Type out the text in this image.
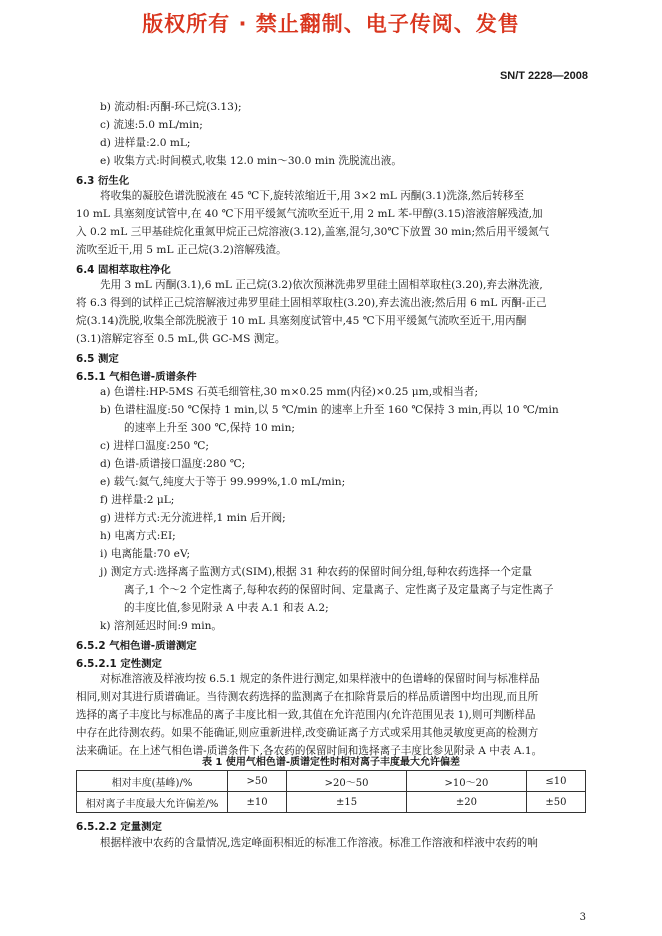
版权所有 · 禁止翻制、电子传阅、发售
SN/T 2228—2008
b) 流动相:丙酮-环己烷(3.13);
c) 流速:5.0 mL/min;
d) 进样量:2.0 mL;
e) 收集方式:时间模式,收集 12.0 min～30.0 min 洗脱流出液。
6.3 衍生化
将收集的凝胶色谱洗脱液在 45 ℃下,旋转浓缩近干,用 3×2 mL 丙酮(3.1)洗涤,然后转移至
10 mL 具塞刻度试管中,在 40 ℃下用平缓氮气流吹至近干,用 2 mL 苯-甲醇(3.15)溶液溶解残渣,加
入 0.2 mL 三甲基硅烷化重氮甲烷正己烷溶液(3.12),盖塞,混匀,30℃下放置 30 min;然后用平缓氮气
流吹至近干,用 5 mL 正己烷(3.2)溶解残渣。
6.4 固相萃取柱净化
先用 3 mL 丙酮(3.1),6 mL 正己烷(3.2)依次预淋洗弗罗里硅土固相萃取柱(3.20),弃去淋洗液,
将 6.3 得到的试样正己烷溶解液过弗罗里硅土固相萃取柱(3.20),弃去流出液;然后用 6 mL 丙酮-正己
烷(3.14)洗脱,收集全部洗脱液于 10 mL 具塞刻度试管中,45 ℃下用平缓氮气流吹至近干,用丙酮
(3.1)溶解定容至 0.5 mL,供 GC-MS 测定。
6.5 测定
6.5.1 气相色谱-质谱条件
a) 色谱柱:HP-5MS 石英毛细管柱,30 m×0.25 mm(内径)×0.25 μm,或相当者;
b) 色谱柱温度:50 ℃保持 1 min,以 5 ℃/min 的速率上升至 160 ℃保持 3 min,再以 10 ℃/min
的速率上升至 300 ℃,保持 10 min;
c) 进样口温度:250 ℃;
d) 色谱-质谱接口温度:280 ℃;
e) 载气:氦气,纯度大于等于 99.999%,1.0 mL/min;
f) 进样量:2 μL;
g) 进样方式:无分流进样,1 min 后开阀;
h) 电离方式:EI;
i) 电离能量:70 eV;
j) 测定方式:选择离子监测方式(SIM),根据 31 种农药的保留时间分组,每种农药选择一个定量
离子,1 个～2 个定性离子,每种农药的保留时间、定量离子、定性离子及定量离子与定性离子
的丰度比值,参见附录 A 中表 A.1 和表 A.2;
k) 溶剂延迟时间:9 min。
6.5.2 气相色谱-质谱测定
6.5.2.1 定性测定
对标准溶液及样液均按 6.5.1 规定的条件进行测定,如果样液中的色谱峰的保留时间与标准样品
相同,则对其进行质谱确证。当待测农药选择的监测离子在扣除背景后的样品质谱图中均出现,而且所
选择的离子丰度比与标准品的离子丰度比相一致,其值在允许范围内(允许范围见表 1),则可判断样品
中存在此待测农药。如果不能确证,则应重新进样,改变确证离子方式或采用其他灵敏度更高的检测方
法来确证。在上述气相色谱-质谱条件下,各农药的保留时间和选择离子丰度比参见附录 A 中表 A.1。
表 1 使用气相色谱-质谱定性时相对离子丰度最大允许偏差
相对丰度(基峰)/%	>50	>20～50	>10～20	≤10
相对离子丰度最大允许偏差/%	±10	±15	±20	±50
6.5.2.2 定量测定
根据样液中农药的含量情况,选定峰面积相近的标准工作溶液。标准工作溶液和样液中农药的响
3
